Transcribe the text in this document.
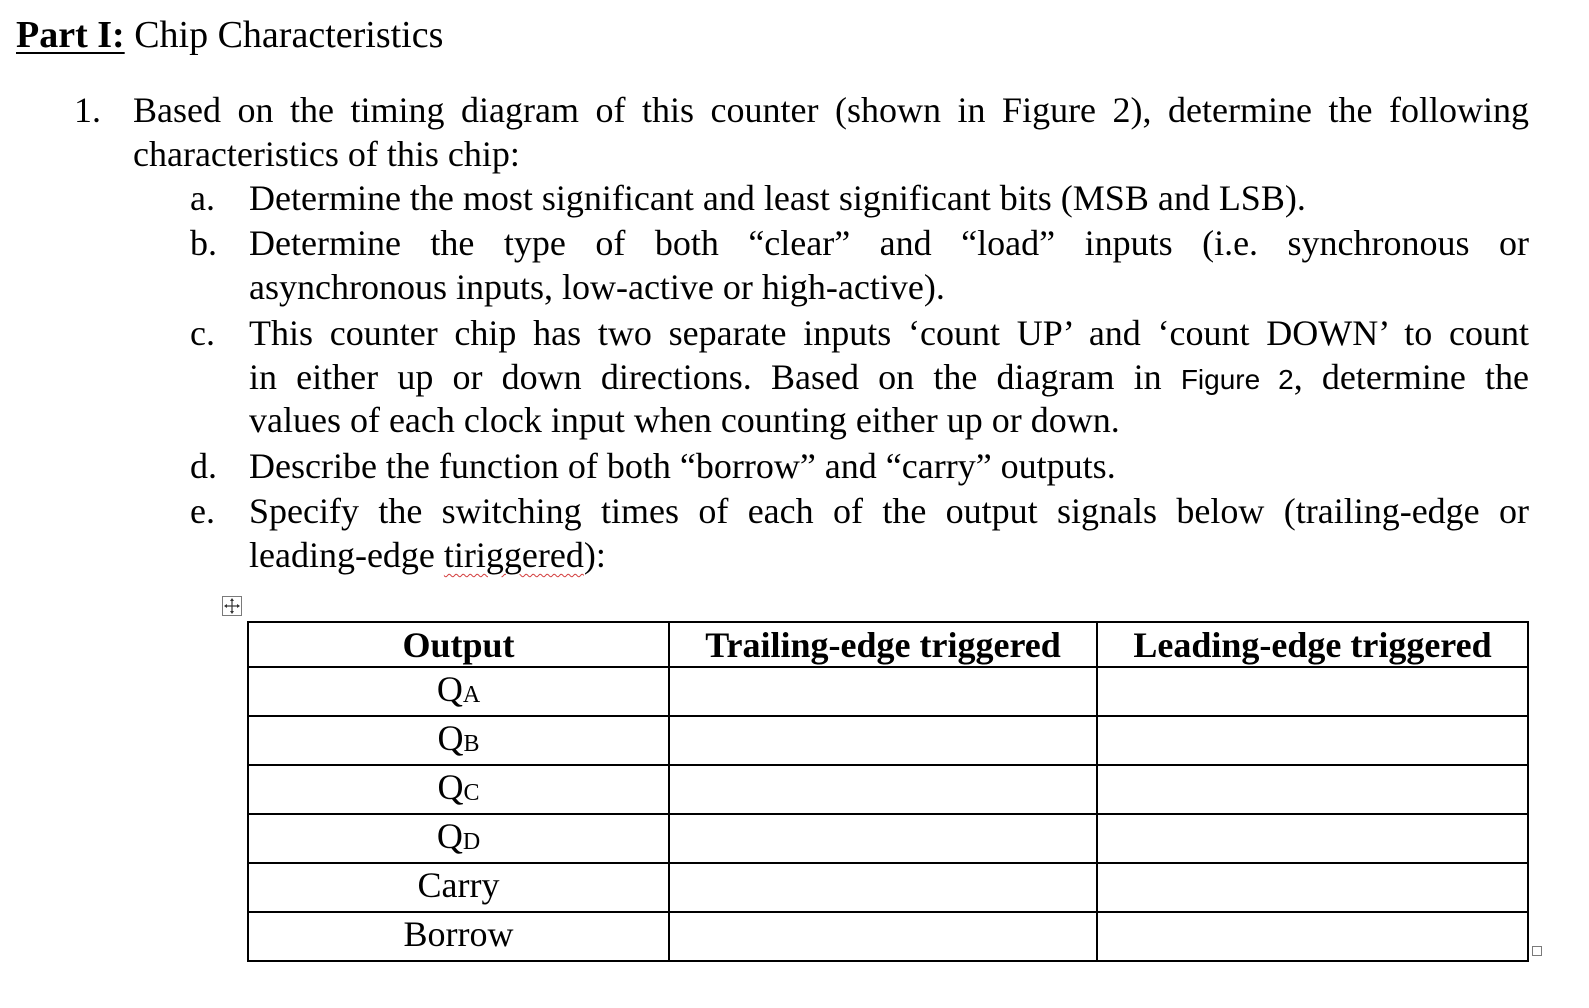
Part I: Chip Characteristics
1. Based on the timing diagram of this counter (shown in Figure 2), determine the following
characteristics of this chip:
a. Determine the most significant and least significant bits (MSB and LSB).
b. Determine the type of both “clear” and “load” inputs (i.e. synchronous or
asynchronous inputs, low-active or high-active).
c. This counter chip has two separate inputs ‘count UP’ and ‘count DOWN’ to count
in either up or down directions. Based on the diagram in Figure 2, determine the
values of each clock input when counting either up or down.
d. Describe the function of both “borrow” and “carry” outputs.
e. Specify the switching times of each of the output signals below (trailing-edge or
leading-edge tiriggered):
Output	Trailing-edge triggered	Leading-edge triggered
$Q_A$		
$Q_B$		
$Q_C$		
$Q_D$		
Carry		
Borrow		
